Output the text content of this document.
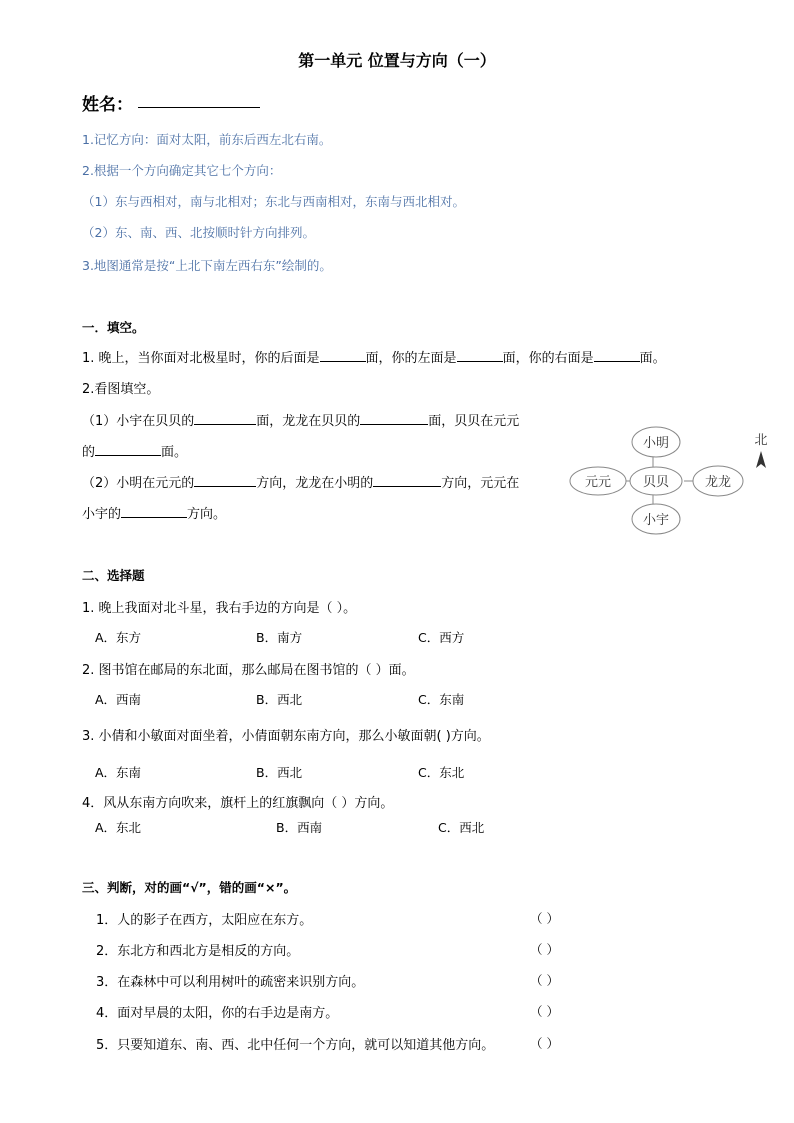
第一单元 位置与方向（一）
姓名：
1.记忆方向：面对太阳，前东后西左北右南。
2.根据一个方向确定其它七个方向：
（1）东与西相对，南与北相对；东北与西南相对，东南与西北相对。
（2）东、南、西、北按顺时针方向排列。
3.地图通常是按“上北下南左西右东”绘制的。
一．填空。
1. 晚上，当你面对北极星时，你的后面是	面，你的左面是	面，你的右面是	面。
2.看图填空。
（1）小宇在贝贝的	面，龙龙在贝贝的	面，贝贝在元元
的	面。
（2）小明在元元的	方向，龙龙在小明的	方向，元元在
小宇的	方向。
小明
元元 贝贝	龙龙
小宇
北
二、选择题
1. 晚上我面对北斗星，我右手边的方向是（ ）。
A．东方	B．南方	C．西方
2. 图书馆在邮局的东北面，那么邮局在图书馆的（ ）面。
A．西南	B．西北	C．东南
3. 小倩和小敏面对面坐着，小倩面朝东南方向，那么小敏面朝( )方向。
A．东南	B．西北	C．东北
4．风从东南方向吹来，旗杆上的红旗飘向（ ）方向。
A．东北	B．西南	C．西北
三、判断，对的画“√”，错的画“×”。
1．人的影子在西方，太阳应在东方。	（ ）
2．东北方和西北方是相反的方向。	（ ）
3．在森林中可以利用树叶的疏密来识别方向。	（ ）
4．面对早晨的太阳，你的右手边是南方。	（ ）
5．只要知道东、南、西、北中任何一个方向，就可以知道其他方向。	（ ）
